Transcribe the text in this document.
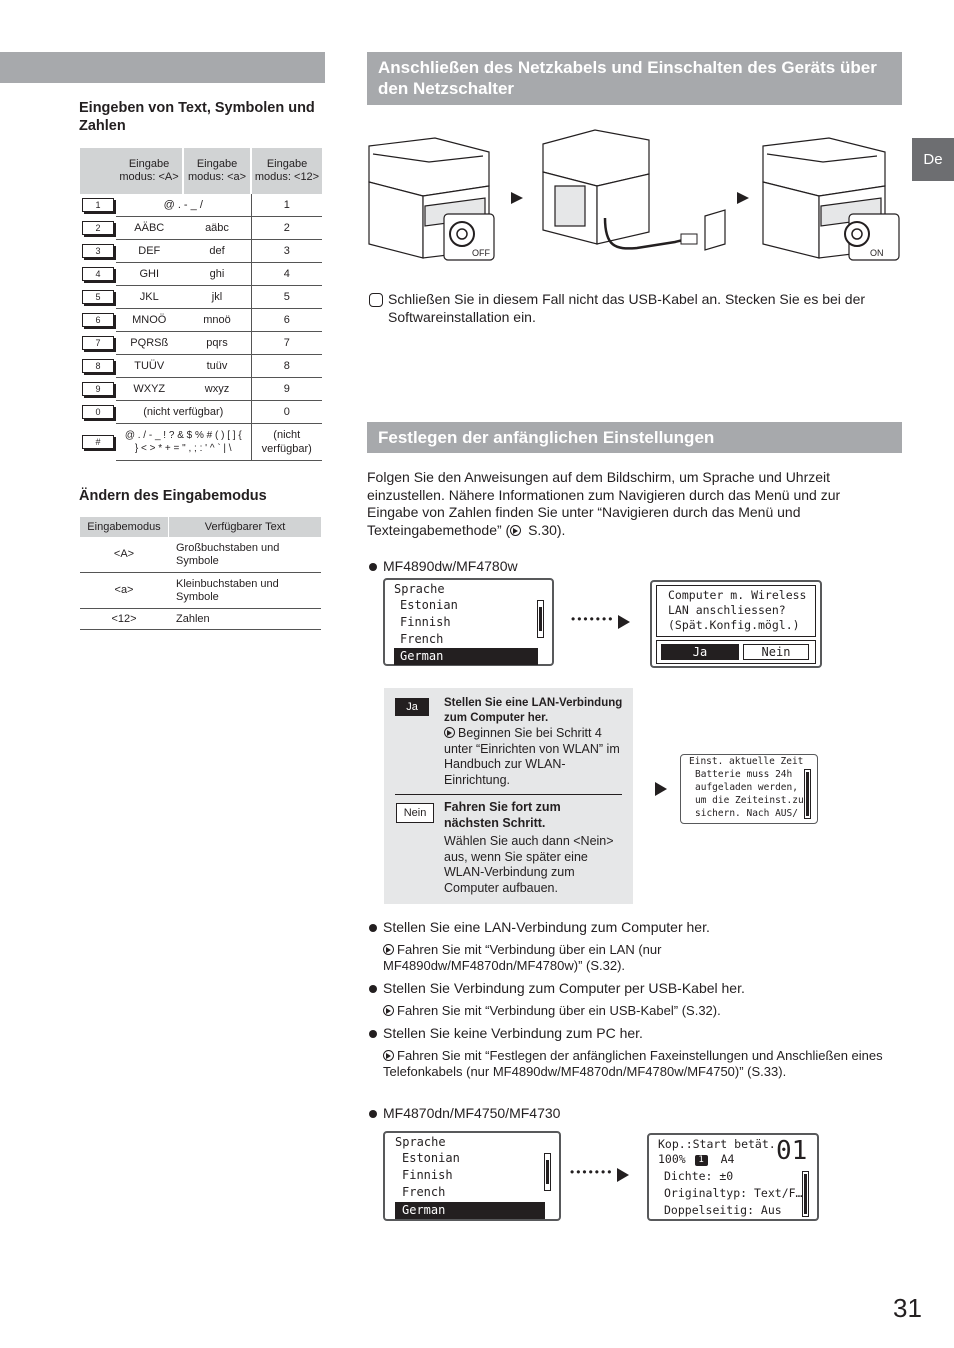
Eingeben von Text, Symbolen und Zahlen
	Eingabe modus: <A>	Eingabe modus: <a>	Eingabe modus: <12>
1	@ . - _ /		1
2	AÄBC	aäbc	2
3	DEF	def	3
4	GHI	ghi	4
5	JKL	jkl	5
6	MNOÖ	mnoö	6
7	PQRSß	pqrs	7
8	TUÜV	tuüv	8
9	WXYZ	wxyz	9
0	(nicht verfügbar)		0
#	@ . / - _ ! ? & $ % # ( ) [ ] { } < > * + = " , ; : ' ^ ` | \		(nicht verfügbar)
Ändern des Eingabemodus
Eingabemodus	Verfügbarer Text
<A>	Großbuchstaben und Symbole
<a>	Kleinbuchstaben und Symbole
<12>	Zahlen
De
Anschließen des Netzkabels und Einschalten des Geräts über den Netzschalter
OFF	ON
Schließen Sie in diesem Fall nicht das USB-Kabel an. Stecken Sie es bei der Softwareinstallation ein.
Festlegen der anfänglichen Einstellungen
Folgen Sie den Anweisungen auf dem Bildschirm, um Sprache und Uhrzeit einzustellen. Nähere Informationen zum Navigieren durch das Menü und zur Eingabe von Zahlen finden Sie unter “Navigieren durch das Menü und Texteingabemethode” ( S.30).
MF4890dw/MF4780w
Sprache
Estonian
Finnish
French
German
•••••••
Computer m. Wireless
LAN anschliessen?
(Spät.Konfig.mögl.)
Ja	Nein
Ja	Stellen Sie eine LAN-Verbindung zum Computer her.
Beginnen Sie bei Schritt 4 unter “Einrichten von WLAN” im Handbuch zur WLAN-Einrichtung.
Nein	Fahren Sie fort zum nächsten Schritt.
Wählen Sie auch dann <Nein> aus, wenn Sie später eine WLAN-Verbindung zum Computer aufbauen.
Einst. aktuelle Zeit
Batterie muss 24h
aufgeladen werden,
um die Zeiteinst.zu
sichern. Nach AUS/
Stellen Sie eine LAN-Verbindung zum Computer her.
Fahren Sie mit “Verbindung über ein LAN (nur MF4890dw/MF4870dn/MF4780w)” (S.32).
Stellen Sie Verbindung zum Computer per USB-Kabel her.
Fahren Sie mit “Verbindung über ein USB-Kabel” (S.32).
Stellen Sie keine Verbindung zum PC her.
Fahren Sie mit “Festlegen der anfänglichen Faxeinstellungen und Anschließen eines Telefonkabels (nur MF4890dw/MF4870dn/MF4780w/MF4750)” (S.33).
MF4870dn/MF4750/MF4730
Sprache
Estonian
Finnish
French
German
•••••••
Kop.:Start betät. 01
100% 1 A4
Dichte: ±0
Originaltyp: Text/F…
Doppelseitig: Aus
31
